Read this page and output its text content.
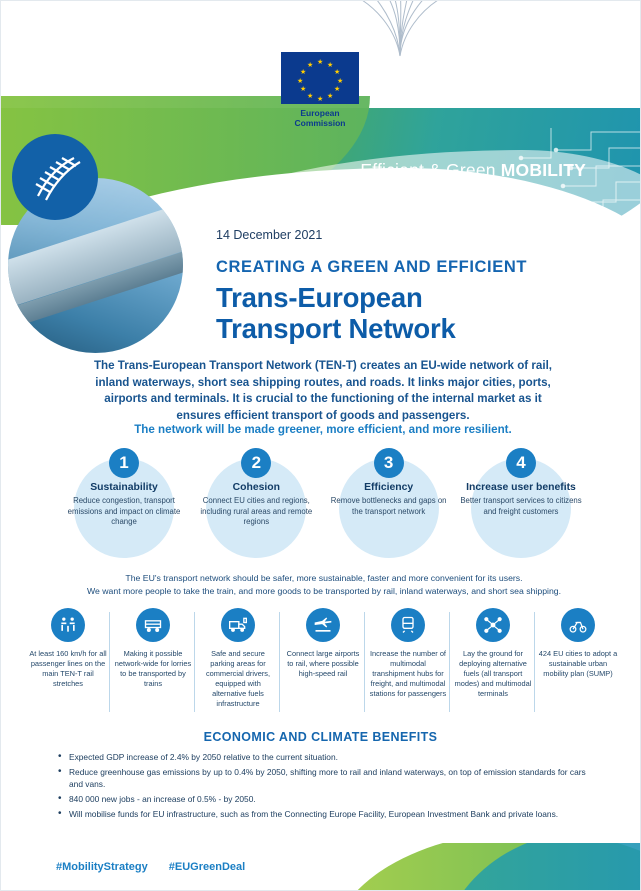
★ ★
★
★
★
★
★
★
★
★
★
★
European
Commission
Efficient & Green MOBILITY
14 December 2021
CREATING A GREEN AND EFFICIENT
Trans-European
Transport Network
The Trans-European Transport Network (TEN-T) creates an EU-wide network of rail, inland waterways, short sea shipping routes, and roads. It links major cities, ports, airports and terminals. It is crucial to the functioning of the internal market as it ensures efficient transport of goods and passengers.
The network will be made greener, more efficient, and more resilient.
1
Sustainability

Reduce congestion, transport emissions and impact on climate change

2
Cohesion

Connect EU cities and regions, including rural areas and remote regions

3
Efficiency

Remove bottlenecks and gaps on the transport network

4
Increase user benefits

Better transport services to citizens and freight customers

The EU's transport network should be safer, more sustainable, faster and more convenient for its users.
We want more people to take the train, and more goods to be transported by rail, inland waterways, and short sea shipping.

At least 160 km/h for all passenger lines on the main TEN-T rail stretches

Making it possible network-wide for lorries to be transported by trains

Safe and secure parking areas for commercial drivers, equipped with alternative fuels infrastructure

Connect large airports to rail, where possible high-speed rail

Increase the number of multimodal transhipment hubs for freight, and multimodal stations for passengers

Lay the ground for deploying alternative fuels (all transport modes) and multimodal terminals

424 EU cities to adopt a sustainable urban mobility plan (SUMP)

ECONOMIC AND CLIMATE BENEFITS
• Expected GDP increase of 2.4% by 2050 relative to the current situation.
• Reduce greenhouse gas emissions by up to 0.4% by 2050, shifting more to rail and inland waterways, on top of emission standards for cars and vans.
• 840 000 new jobs - an increase of 0.5% - by 2050.
• Will mobilise funds for EU infrastructure, such as from the Connecting Europe Facility, European Investment Bank and private loans.
#MobilityStrategy #EUGreenDeal
